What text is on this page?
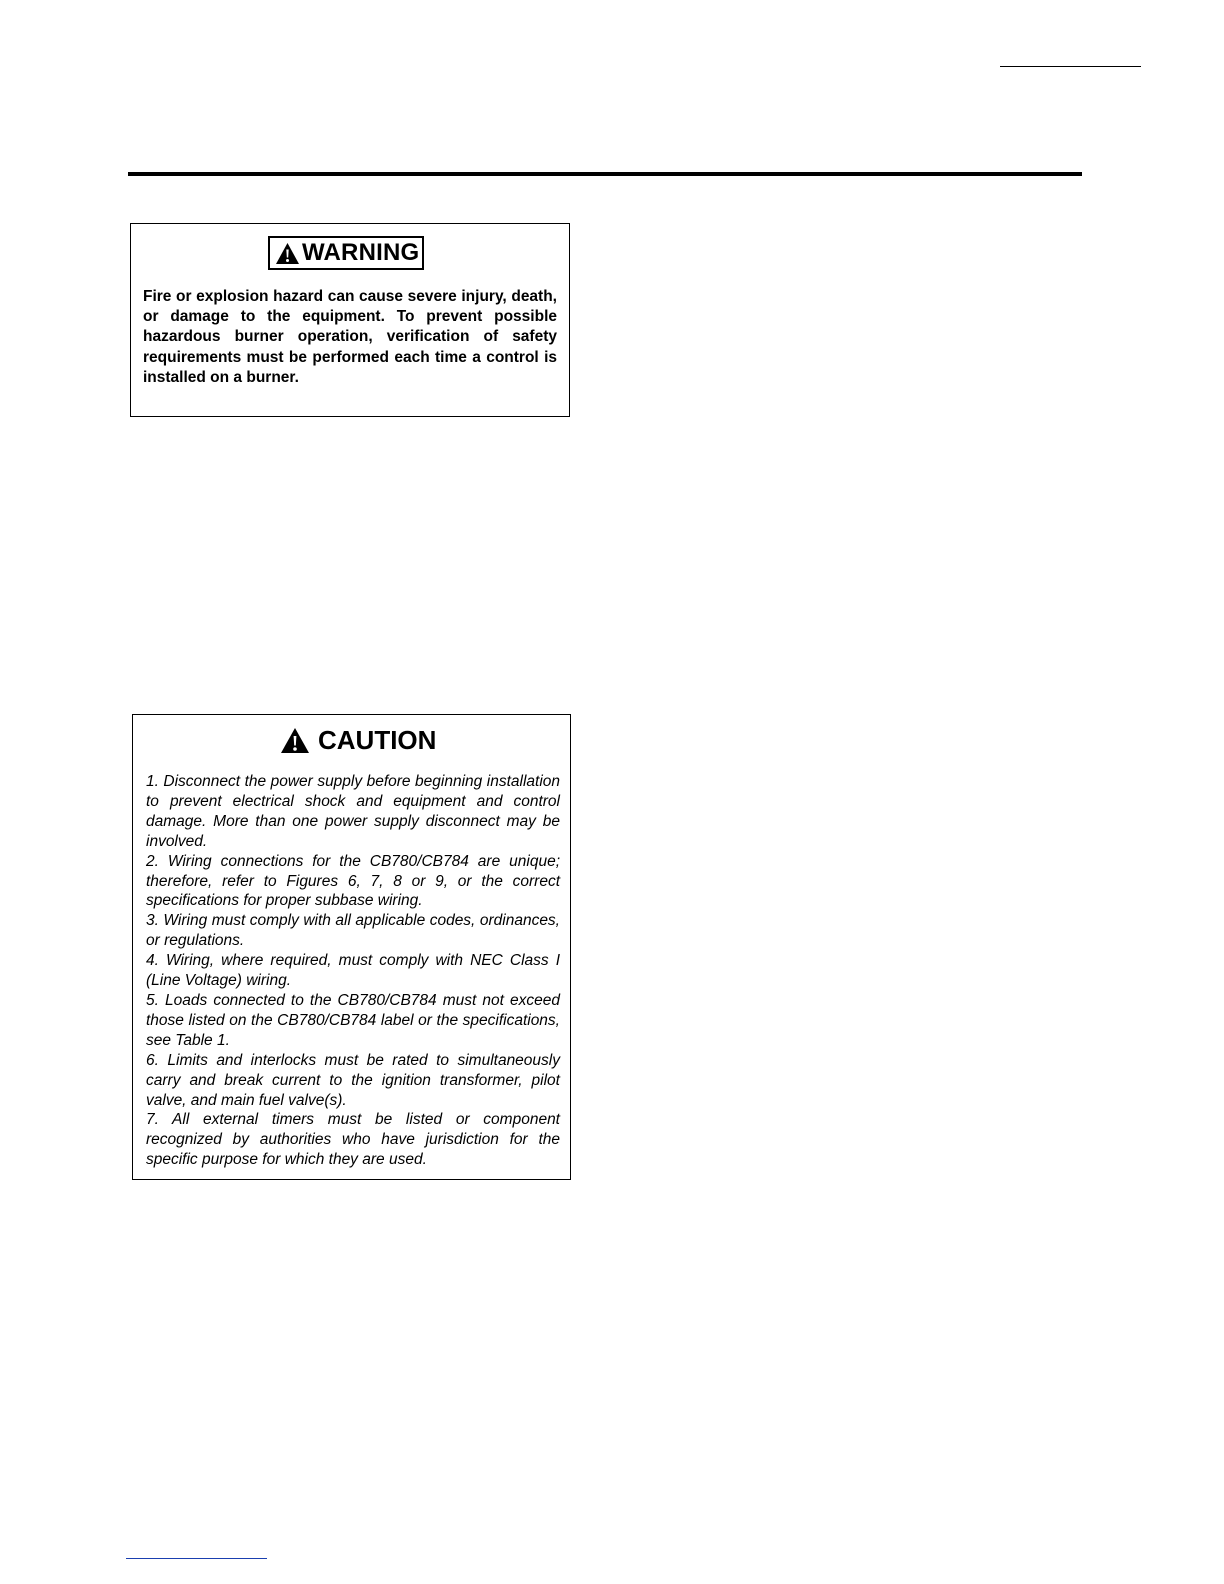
WARNING
Fire or explosion hazard can cause severe injury, death, or damage to the equipment. To prevent possible hazardous burner operation, verification of safety requirements must be performed each time a control is installed on a burner.
CAUTION
1. Disconnect the power supply before beginning installation to prevent electrical shock and equipment and control damage. More than one power supply disconnect may be involved.
2. Wiring connections for the CB780/CB784 are unique; therefore, refer to Figures 6, 7, 8 or 9, or the correct specifications for proper subbase wiring.
3. Wiring must comply with all applicable codes, ordinances, or regulations.
4. Wiring, where required, must comply with NEC Class I (Line Voltage) wiring.
5. Loads connected to the CB780/CB784 must not exceed those listed on the CB780/CB784 label or the specifications, see Table 1.
6. Limits and interlocks must be rated to simultaneously carry and break current to the ignition transformer, pilot valve, and main fuel valve(s).
7. All external timers must be listed or component recognized by authorities who have jurisdiction for the specific purpose for which they are used.
